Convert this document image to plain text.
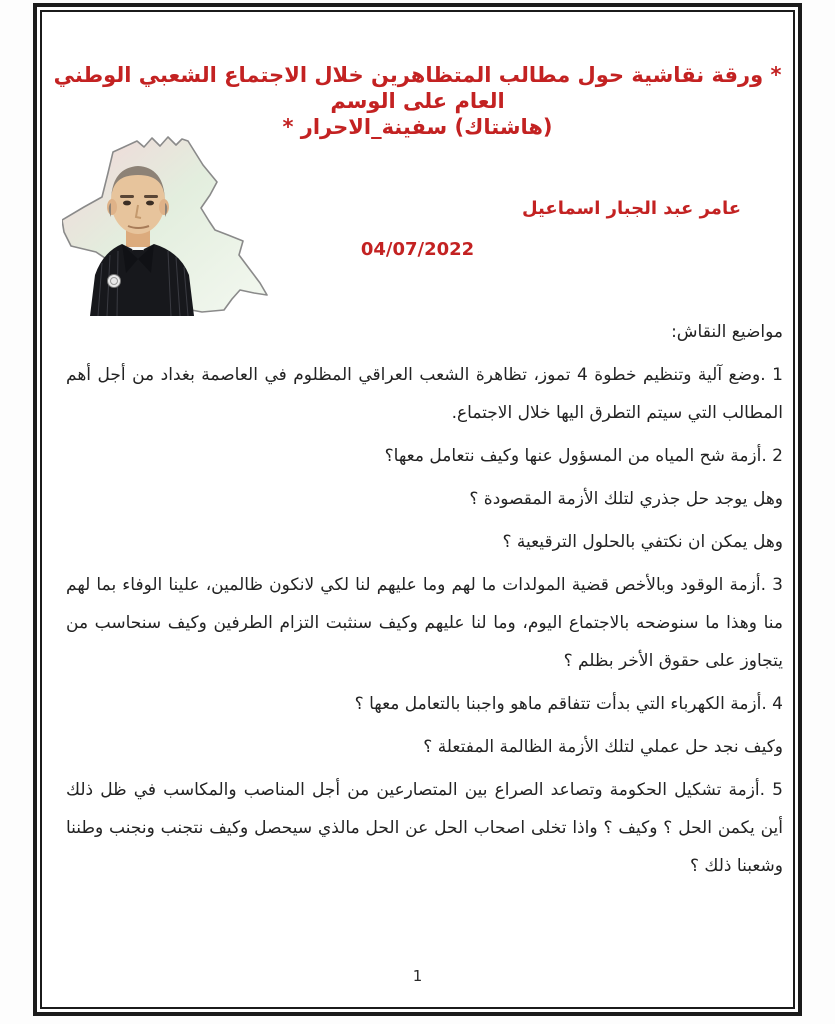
* ورقة نقاشية حول مطالب المتظاهرين خلال الاجتماع الشعبي الوطني العام على الوسم
(هاشتاك) سفينة_الاحرار *
عامر عبد الجبار اسماعيل
04/07/2022

مواضيع النقاش:

1 .وضع آلية وتنظيم خطوة 4 تموز، تظاهرة الشعب العراقي المظلوم في العاصمة بغداد من أجل أهم المطالب التي سيتم التطرق اليها خلال الاجتماع.

2 .أزمة شح المياه من المسؤول عنها وكيف نتعامل معها؟

وهل يوجد حل جذري لتلك الأزمة المقصودة ؟

وهل يمكن ان نكتفي بالحلول الترقيعية ؟

3 .أزمة الوقود وبالأخص قضية المولدات ما لهم وما عليهم لنا لكي لانكون ظالمين، علينا الوفاء بما لهم منا وهذا ما سنوضحه بالاجتماع اليوم، وما لنا عليهم وكيف سنثبت التزام الطرفين وكيف سنحاسب من يتجاوز على حقوق الأخر بظلم ؟

4 .أزمة الكهرباء التي بدأت تتفاقم ماهو واجبنا بالتعامل معها ؟

وكيف نجد حل عملي لتلك الأزمة الظالمة المفتعلة ؟

5 .أزمة تشكيل الحكومة وتصاعد الصراع بين المتصارعين من أجل المناصب والمكاسب في ظل ذلك أين يكمن الحل ؟ وكيف ؟ واذا تخلى اصحاب الحل عن الحل مالذي سيحصل وكيف نتجنب ونجنب وطننا وشعبنا ذلك ؟

1
